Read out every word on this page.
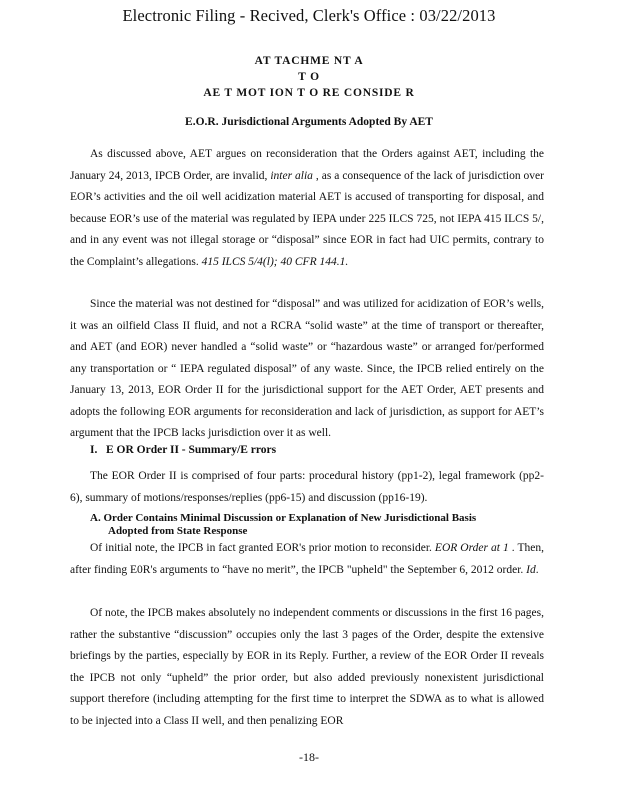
Electronic Filing - Recived, Clerk's Office : 03/22/2013
AT TACHME NT A
T O
AE T MOT ION T O RE CONSIDE R
E.O.R. Jurisdictional Arguments Adopted By AET

As discussed above, AET argues on reconsideration that the Orders against AET, including the January 24, 2013, IPCB Order, are invalid, inter alia , as a consequence of the lack of jurisdiction over EOR’s activities and the oil well acidization material AET is accused of transporting for disposal, and because EOR’s use of the material was regulated by IEPA under 225 ILCS 725, not IEPA 415 ILCS 5/, and in any event was not illegal storage or “disposal” since EOR in fact had UIC permits, contrary to the Complaint’s allegations. 415 ILCS 5/4(l); 40 CFR 144.1.

Since the material was not destined for “disposal” and was utilized for acidization of EOR’s wells, it was an oilfield Class II fluid, and not a RCRA “solid waste” at the time of transport or thereafter, and AET (and EOR) never handled a “solid waste” or “hazardous waste” or arranged for/performed any transportation or “ IEPA regulated disposal” of any waste. Since, the IPCB relied entirely on the January 13, 2013, EOR Order II for the jurisdictional support for the AET Order, AET presents and adopts the following EOR arguments for reconsideration and lack of jurisdiction, as support for AET’s argument that the IPCB lacks jurisdiction over it as well.

I. E OR Order II - Summary/E rrors

The EOR Order II is comprised of four parts: procedural history (pp1-2), legal framework (pp2-6), summary of motions/responses/replies (pp6-15) and discussion (pp16-19).

A. Order Contains Minimal Discussion or Explanation of New Jurisdictional Basis
Adopted from State Response

Of initial note, the IPCB in fact granted EOR's prior motion to reconsider. EOR Order at 1 . Then, after finding E0R's arguments to “have no merit”, the IPCB "upheld" the September 6, 2012 order. Id.

Of note, the IPCB makes absolutely no independent comments or discussions in the first 16 pages, rather the substantive “discussion” occupies only the last 3 pages of the Order, despite the extensive briefings by the parties, especially by EOR in its Reply. Further, a review of the EOR Order II reveals the IPCB not only “upheld” the prior order, but also added previously nonexistent jurisdictional support therefore (including attempting for the first time to interpret the SDWA as to what is allowed to be injected into a Class II well, and then penalizing EOR

-18-
